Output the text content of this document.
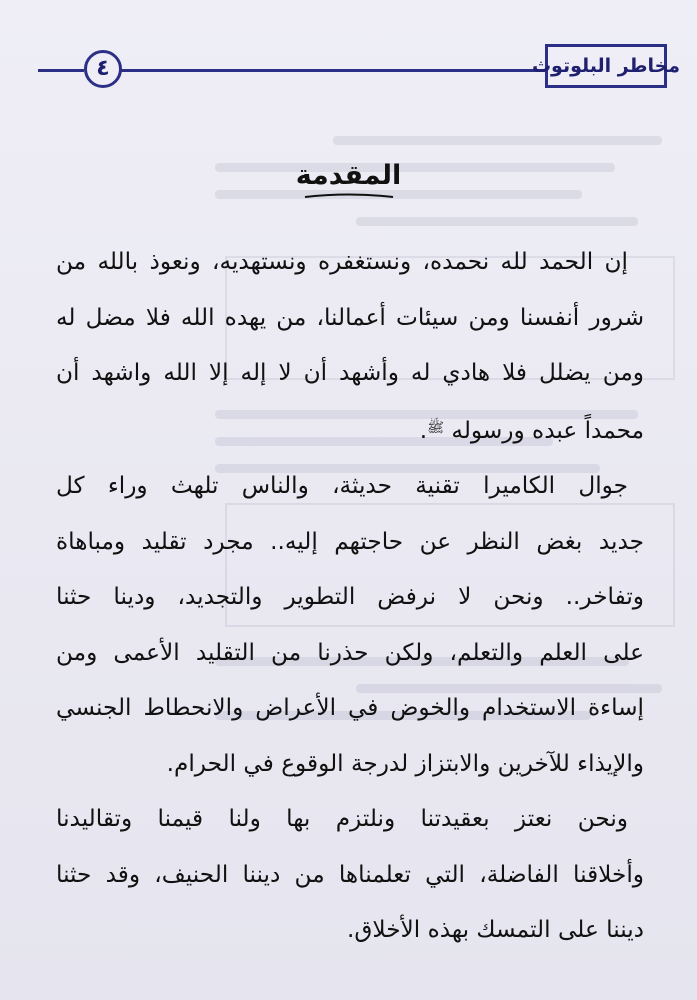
٤	مخاطر البلوتوث
المقدمة

إن الحمد لله نحمده، ونستغفره ونستهديه، ونعوذ بالله من
شرور أنفسنا ومن سيئات أعمالنا، من يهده الله فلا مضل له
ومن يضلل فلا هادي له وأشهد أن لا إله إلا الله واشهد أن
محمداً عبده ورسوله $^ﷺ$.

جوال الكاميرا تقنية حديثة، والناس تلهث وراء كل
جديد بغض النظر عن حاجتهم إليه.. مجرد تقليد ومباهاة
وتفاخر.. ونحن لا نرفض التطوير والتجديد، ودينا حثنا
على العلم والتعلم، ولكن حذرنا من التقليد الأعمى ومن
إساءة الاستخدام والخوض في الأعراض والانحطاط الجنسي
والإيذاء للآخرين والابتزاز لدرجة الوقوع في الحرام.

ونحن نعتز بعقيدتنا ونلتزم بها ولنا قيمنا وتقاليدنا
وأخلاقنا الفاضلة، التي تعلمناها من ديننا الحنيف، وقد حثنا
ديننا على التمسك بهذه الأخلاق.
